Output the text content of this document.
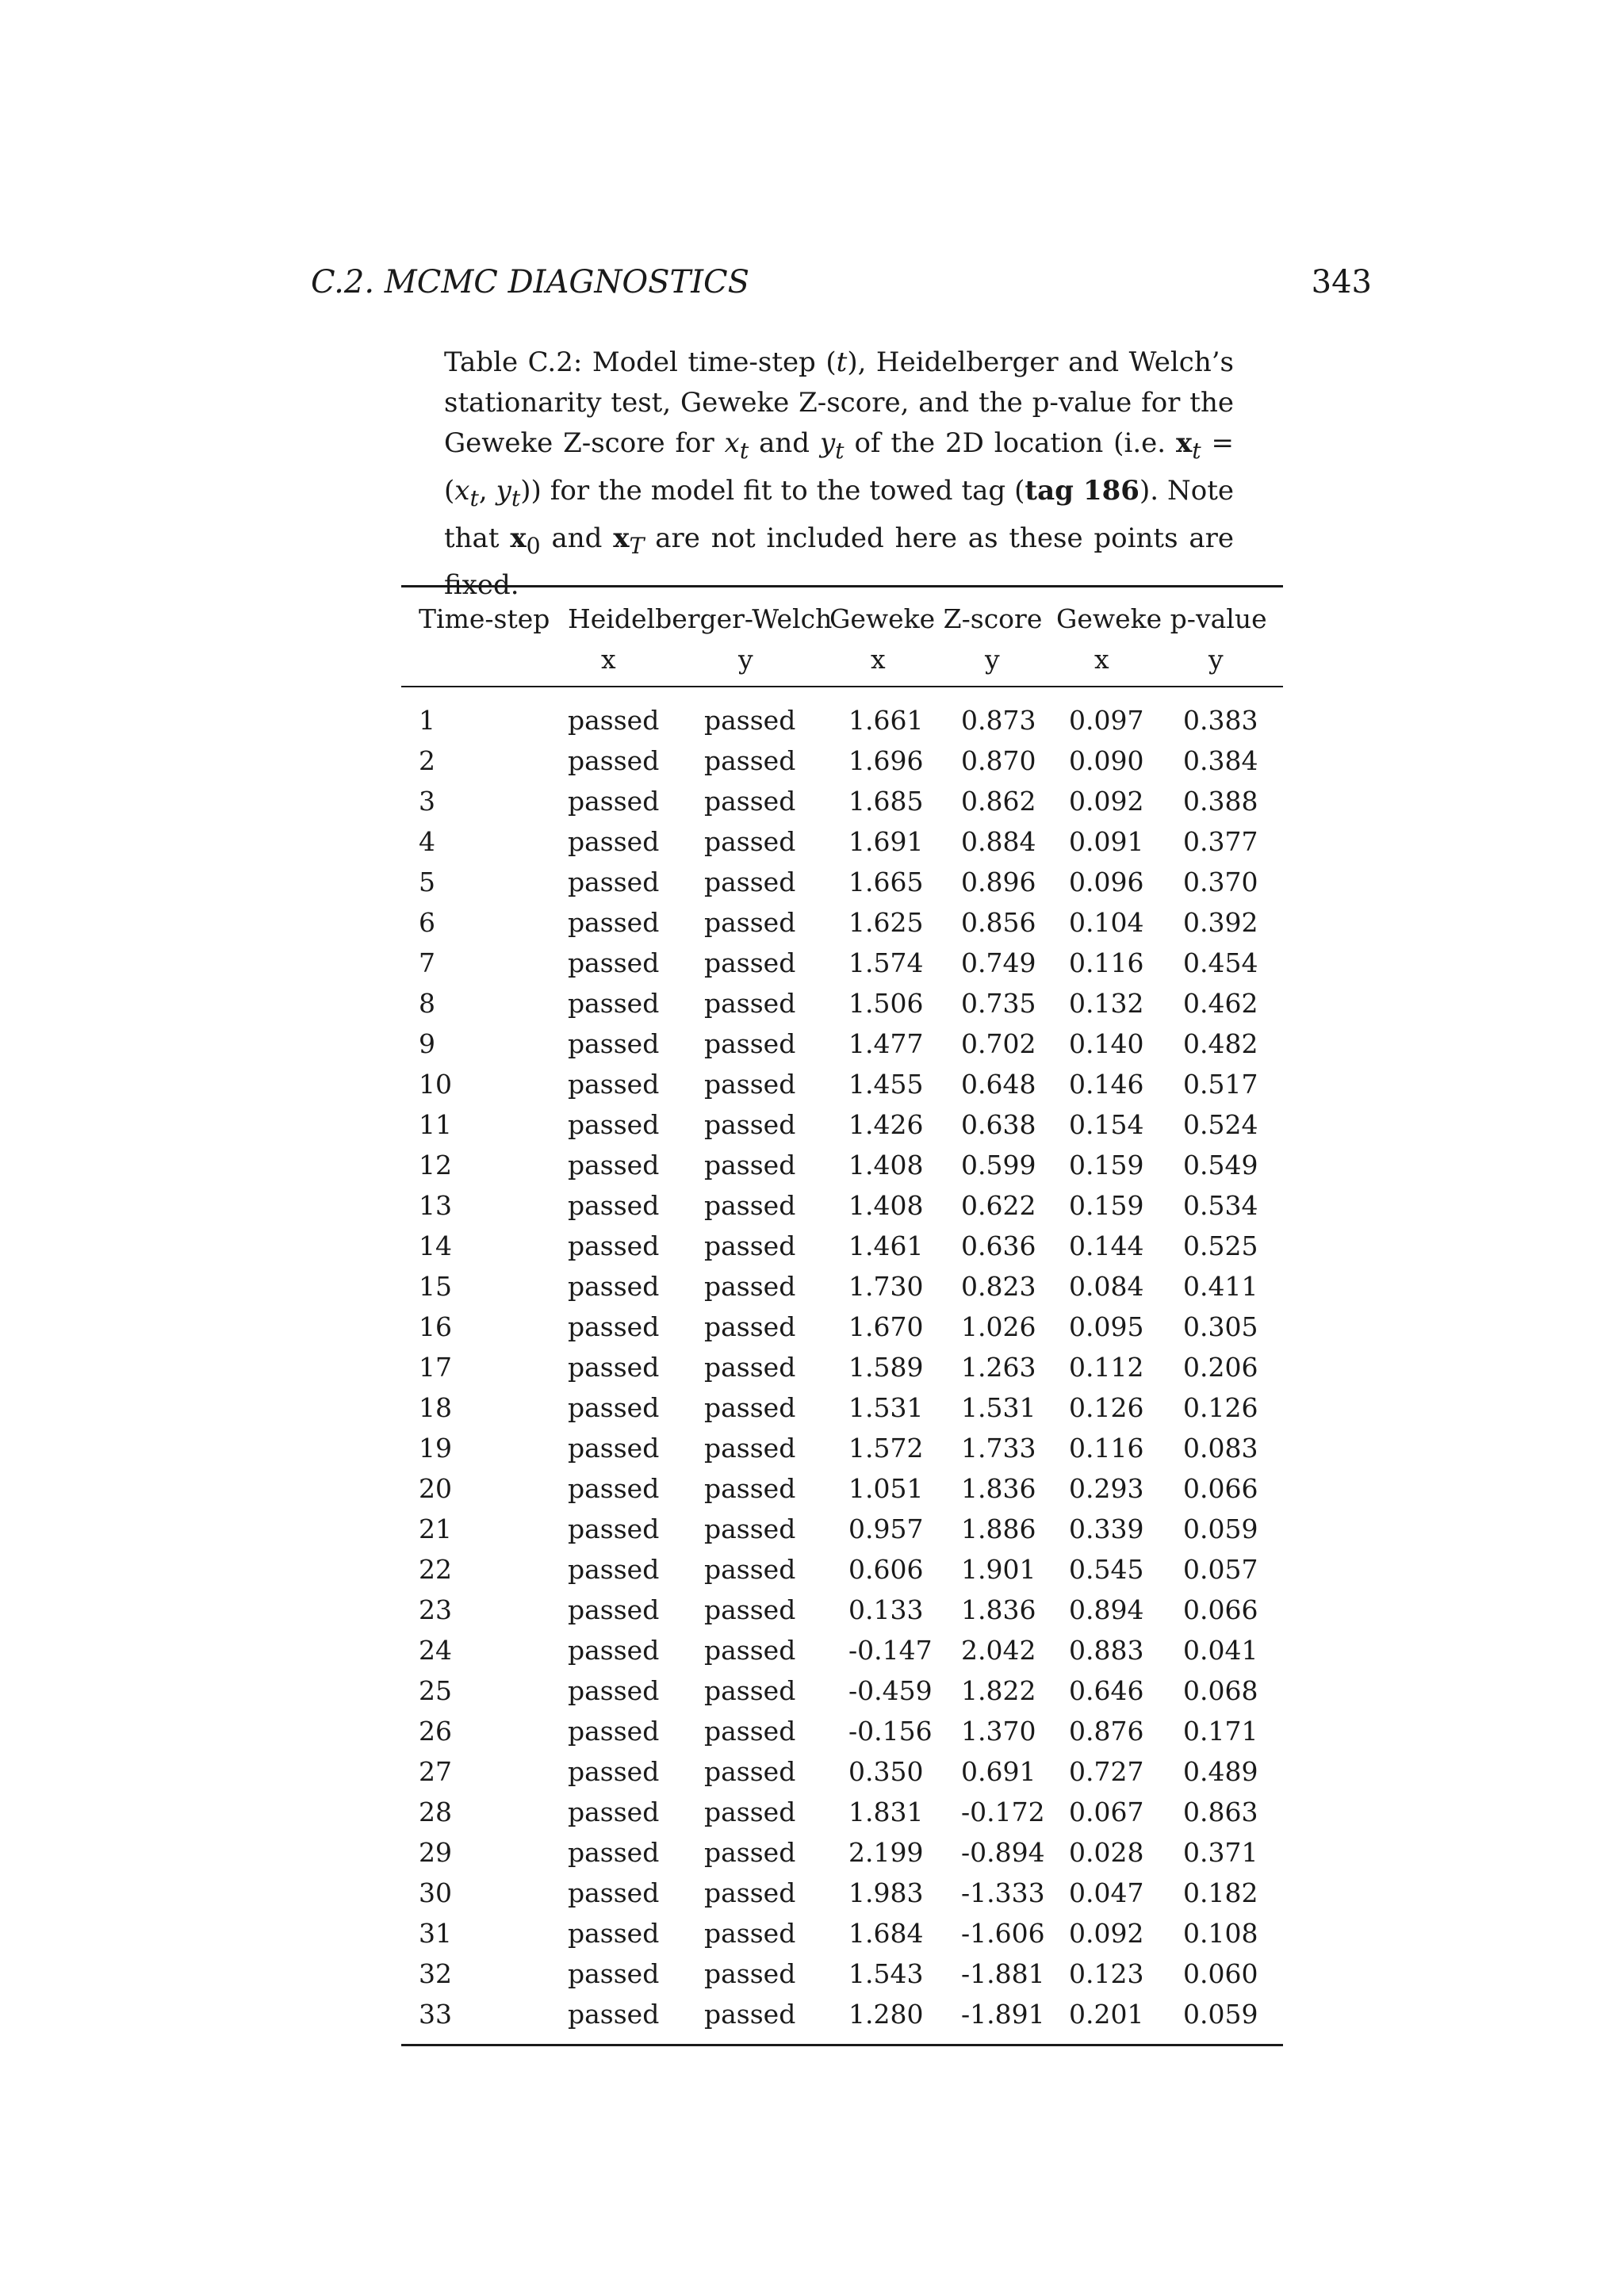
C.2. MCMC DIAGNOSTICS	343
Table C.2: Model time-step (t), Heidelberger and Welch’s stationarity test, Geweke Z-score, and the p-value for the Geweke Z-score for $x_t$ and $y_t$ of the 2D location (i.e. $x_t = (x_t$, $y_t$)) for the model fit to the towed tag (tag 186). Note that $x_0$ and $x_T$ are not included here as these points are fixed.
Time-step Heidelberger-Welch
Geweke Z-score Geweke p-value
x	y	x	y	x	y
1	passed passed 1.661 0.873 0.097 0.383
2	passed passed 1.696 0.870 0.090 0.384
3	passed passed 1.685 0.862 0.092 0.388
4	passed passed 1.691 0.884 0.091 0.377
5	passed passed 1.665 0.896 0.096 0.370
6	passed passed 1.625 0.856 0.104 0.392
7	passed passed 1.574 0.749 0.116 0.454
8	passed passed 1.506 0.735 0.132 0.462
9	passed passed 1.477 0.702 0.140 0.482
10	passed passed 1.455 0.648 0.146 0.517
11	passed passed 1.426 0.638 0.154 0.524
12	passed passed 1.408 0.599 0.159 0.549
13	passed passed 1.408 0.622 0.159 0.534
14	passed passed 1.461 0.636 0.144 0.525
15	passed passed 1.730 0.823 0.084 0.411
16	passed passed 1.670 1.026 0.095 0.305
17	passed passed 1.589 1.263 0.112 0.206
18	passed passed 1.531 1.531 0.126 0.126
19	passed passed 1.572 1.733 0.116 0.083
20	passed passed 1.051 1.836 0.293 0.066
21	passed passed 0.957 1.886 0.339 0.059
22	passed passed 0.606 1.901 0.545 0.057
23	passed passed 0.133 1.836 0.894 0.066
24	passed passed -0.147 2.042 0.883 0.041
25	passed passed -0.459 1.822 0.646 0.068
26	passed passed -0.156 1.370 0.876 0.171
27	passed passed 0.350 0.691 0.727 0.489
28	passed passed 1.831 -0.172 0.067 0.863
29	passed passed 2.199 -0.894 0.028 0.371
30	passed passed 1.983 -1.333 0.047 0.182
31	passed passed 1.684 -1.606 0.092 0.108
32	passed passed 1.543 -1.881 0.123 0.060
33	passed passed 1.280 -1.891 0.201 0.059
